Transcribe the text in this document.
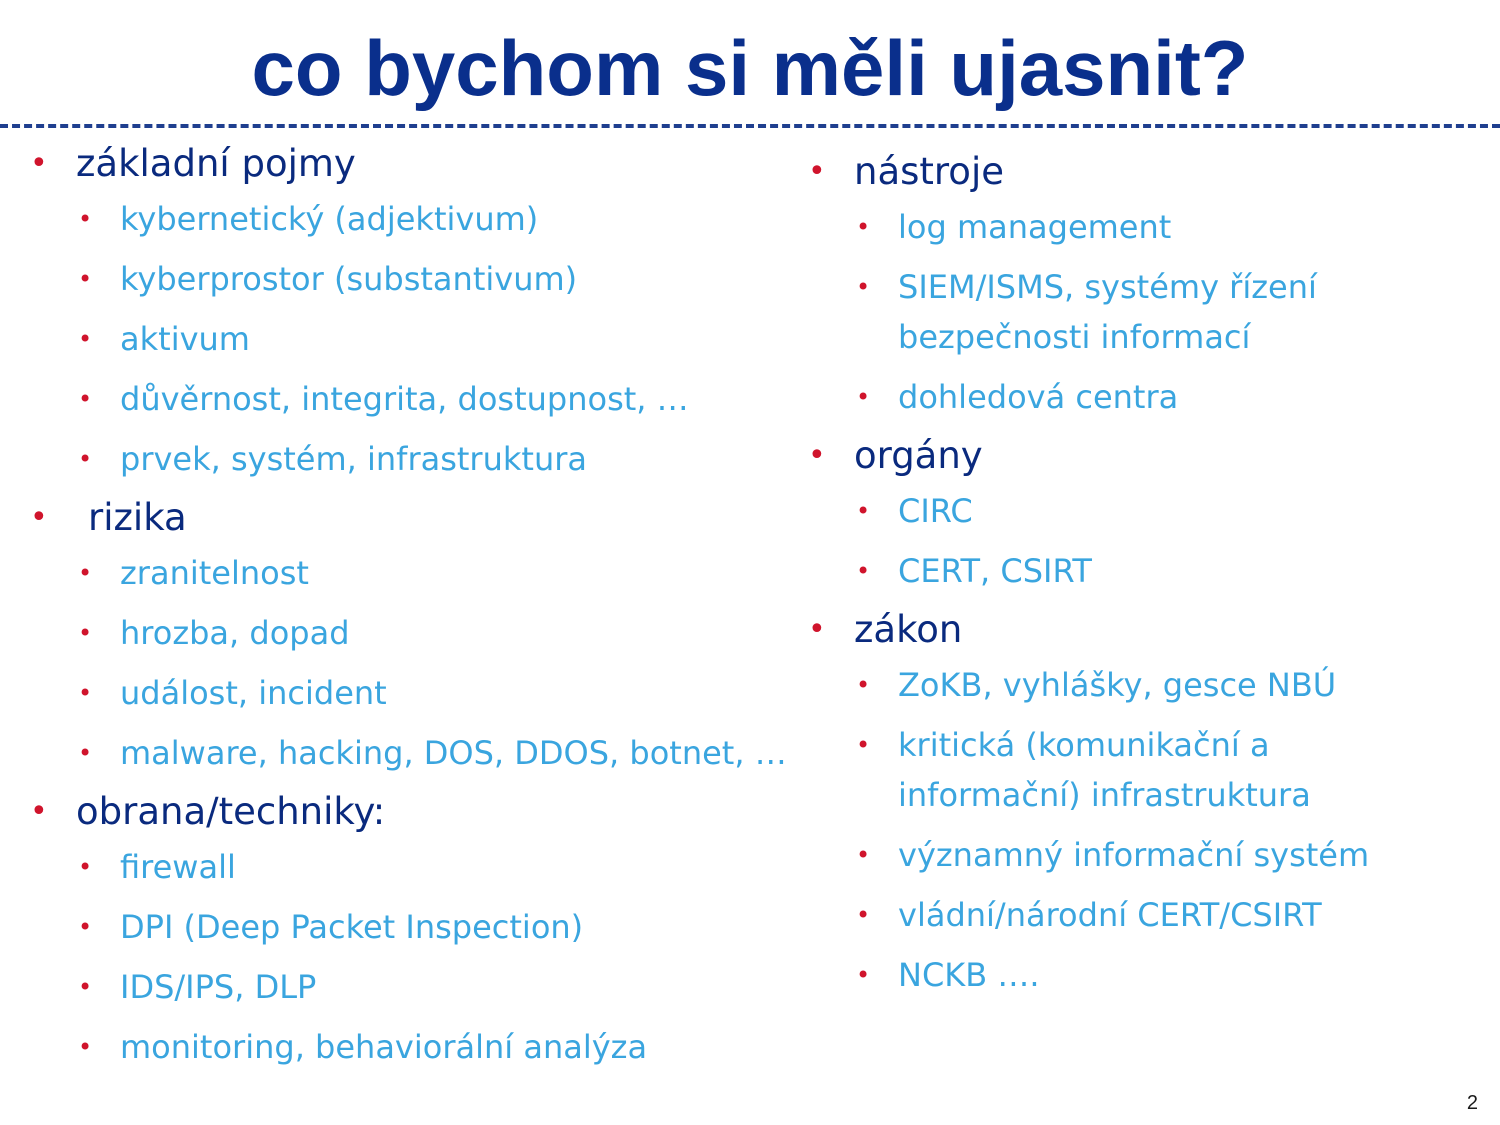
co bychom si měli ujasnit?
• základní pojmy
• kybernetický (adjektivum)
• kyberprostor (substantivum)
• aktivum
• důvěrnost, integrita, dostupnost, …
• prvek, systém, infrastruktura
• rizika
• zranitelnost
• hrozba, dopad
• událost, incident
• malware, hacking, DOS, DDOS, botnet, …
• obrana/techniky:
• firewall
• DPI (Deep Packet Inspection)
• IDS/IPS, DLP
• monitoring, behaviorální analýza
• nástroje
• log management
• SIEM/ISMS, systémy řízení bezpečnosti informací
• dohledová centra
• orgány
• CIRC
• CERT, CSIRT
• zákon
• ZoKB, vyhlášky, gesce NBÚ
• kritická (komunikační a informační) infrastruktura
• významný informační systém
• vládní/národní CERT/CSIRT
• NCKB ….
2
